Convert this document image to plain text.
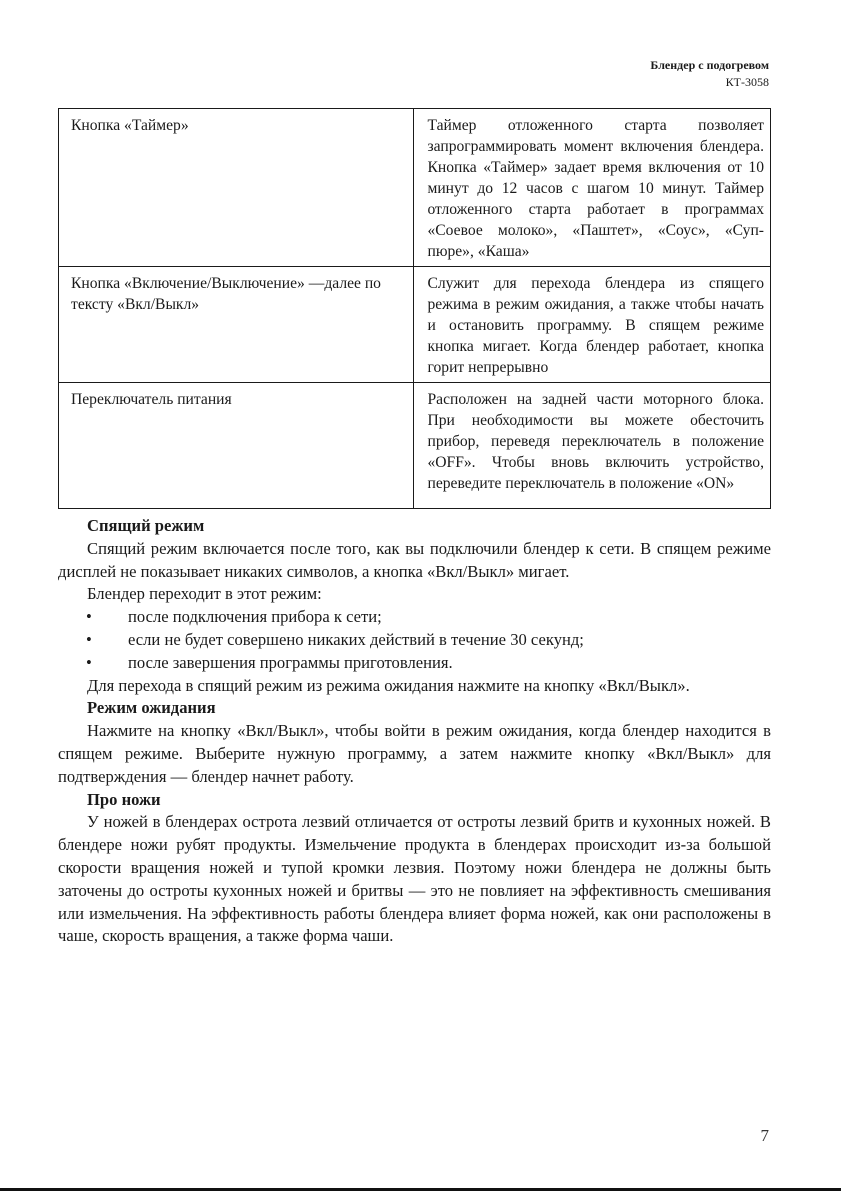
Блендер с подогревом
КТ-3058
Кнопка «Таймер»	Таймер отложенного старта позволяет запрограммировать момент включения блендера. Кнопка «Таймер» задает время включения от 10 минут до 12 часов с шагом 10 минут. Таймер отложенного старта работает в программах «Соевое молоко», «Паштет», «Соус», «Суп-пюре», «Каша»
Кнопка «Включение/Выключение» —далее по тексту «Вкл/Выкл»	Служит для перехода блендера из спящего режима в режим ожидания, а также чтобы начать и остановить программу. В спящем режиме кнопка мигает. Когда блендер работает, кнопка горит непрерывно
Переключатель питания	Расположен на задней части моторного блока. При необходимости вы можете обесточить прибор, переведя переключатель в положение «OFF». Чтобы вновь включить устройство, переведите переключатель в положение «ON»
Спящий режим

Спящий режим включается после того, как вы подключили блендер к сети. В спящем режиме дисплей не показывает никаких символов, а кнопка «Вкл/Выкл» мигает.

Блендер переходит в этот режим:

• после подключения прибора к сети;
• если не будет совершено никаких действий в течение 30 секунд;
• после завершения программы приготовления.

Для перехода в спящий режим из режима ожидания нажмите на кнопку «Вкл/Выкл».

Режим ожидания

Нажмите на кнопку «Вкл/Выкл», чтобы войти в режим ожидания, когда блендер находится в спящем режиме. Выберите нужную программу, а затем нажмите кнопку «Вкл/Выкл» для подтверждения — блендер начнет работу.

Про ножи

У ножей в блендерах острота лезвий отличается от остроты лезвий бритв и кухонных ножей. В блендере ножи рубят продукты. Измельчение продукта в блендерах происходит из-за большой скорости вращения ножей и тупой кромки лезвия. Поэтому ножи блендера не должны быть заточены до остроты кухонных ножей и бритвы — это не повлияет на эффективность смешивания или измельчения. На эффективность работы блендера влияет форма ножей, как они расположены в чаше, скорость вращения, а также форма чаши.

7
